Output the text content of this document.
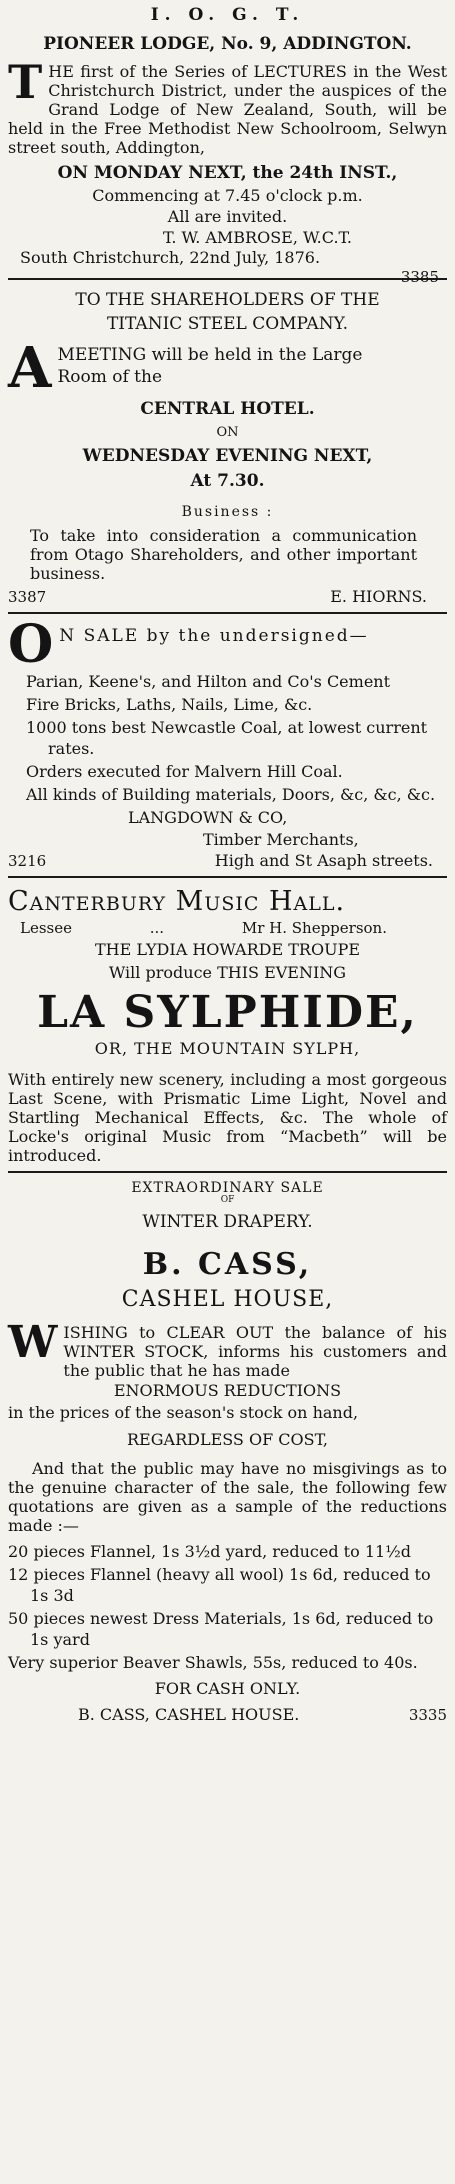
I. O. G. T.
PIONEER LODGE, No. 9, ADDINGTON.
T HE first of the Series of LECTURES in the West Christchurch District, under the auspices of the Grand Lodge of New Zealand, South, will be held in the Free Methodist New Schoolroom, Selwyn street south, Addington,

ON MONDAY NEXT, the 24th INST.,
Commencing at 7.45 o'clock p.m.
All are invited.
T. W. AMBROSE, W.C.T.
South Christchurch, 22nd July, 1876.
3385
TO THE SHAREHOLDERS OF THE
TITANIC STEEL COMPANY.
A MEETING will be held in the Large

Room of the

CENTRAL HOTEL.
ON
WEDNESDAY EVENING NEXT,
At 7.30.
Business :

To take into consideration a communication from Otago Shareholders, and other important business.

3387	E. HIORNS.
O N SALE by the undersigned—

Parian, Keene's, and Hilton and Co's Cement

Fire Bricks, Laths, Nails, Lime, &c.

1000 tons best Newcastle Coal, at lowest current rates.

Orders executed for Malvern Hill Coal.

All kinds of Building materials, Doors, &c, &c, &c.

LANGDOWN & CO,
Timber Merchants,
3216	High and St Asaph streets.
Canterbury Music Hall.
Lessee	...	Mr H. Shepperson.
THE LYDIA HOWARDE TROUPE
Will produce THIS EVENING
LA SYLPHIDE,
OR, THE MOUNTAIN SYLPH,

With entirely new scenery, including a most gorgeous Last Scene, with Prismatic Lime Light, Novel and Startling Mechanical Effects, &c. The whole of Locke's original Music from “Macbeth” will be introduced.

EXTRAORDINARY SALE
OF
WINTER DRAPERY.
B. CASS,
CASHEL HOUSE,
W ISHING to CLEAR OUT the balance of his WINTER STOCK, informs his customers and the public that he has made

ENORMOUS REDUCTIONS
in the prices of the season's stock on hand,
REGARDLESS OF COST,

And that the public may have no misgivings as to the genuine character of the sale, the following few quotations are given as a sample of the reductions made :—

20 pieces Flannel, 1s 3½d yard, reduced to 11½d

12 pieces Flannel (heavy all wool) 1s 6d, reduced to 1s 3d

50 pieces newest Dress Materials, 1s 6d, reduced to 1s yard

Very superior Beaver Shawls, 55s, reduced to 40s.

FOR CASH ONLY.
B. CASS, CASHEL HOUSE.	3335
